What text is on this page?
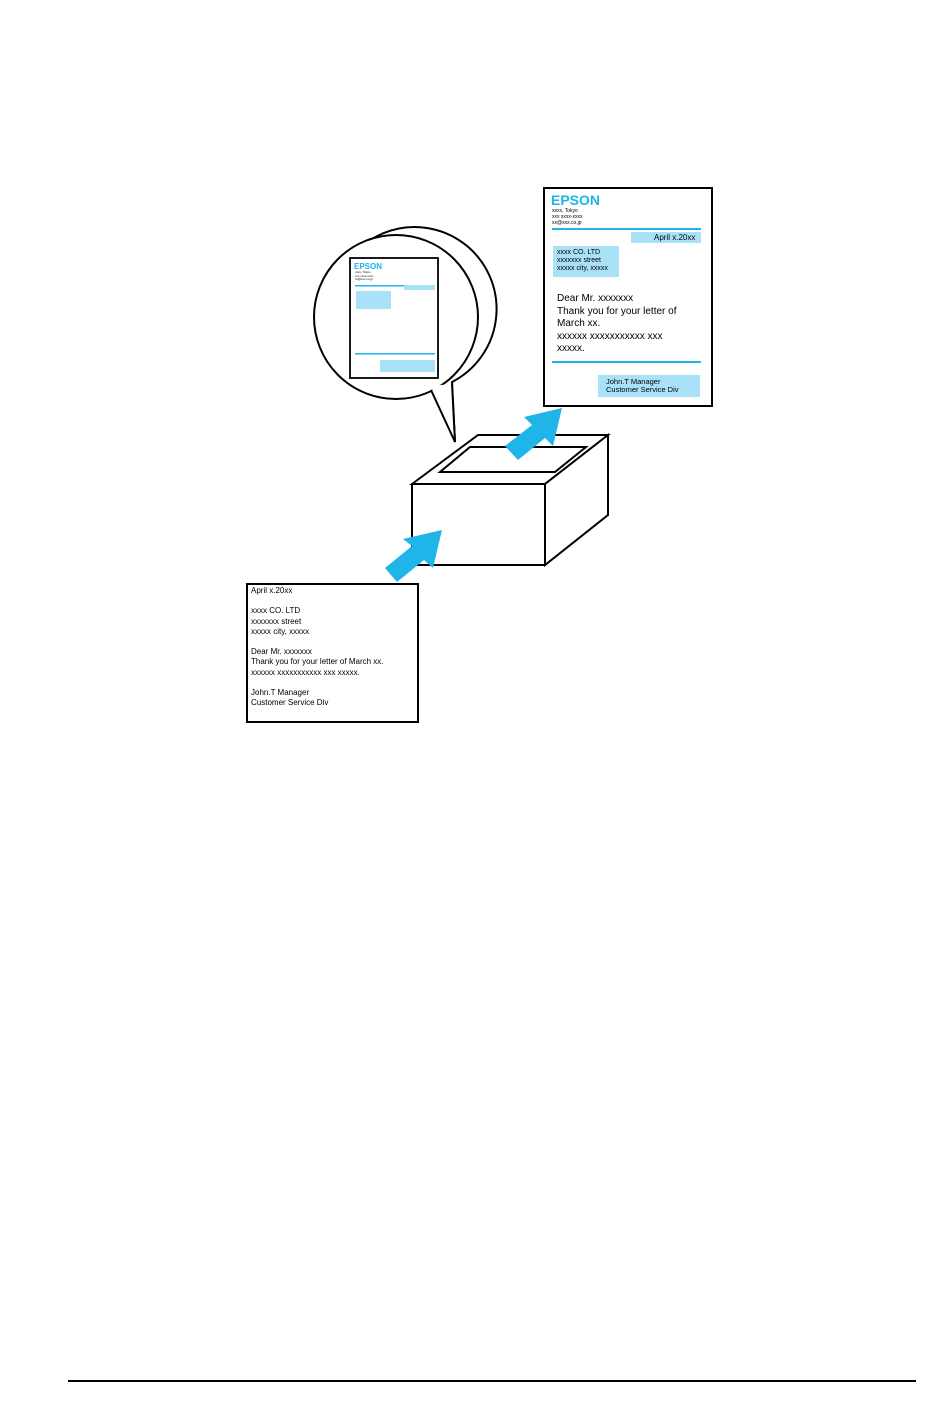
EPSON
xxxx, Tokyo
xxx xxxx-xxxx
xx@xxx.co.jp
EPSON
xxxx, Tokyo
xxx xxxx-xxxx
xx@xxx.co.jp
April x.20xx
xxxx CO. LTD
xxxxxxx street
xxxxx city, xxxxx
Dear Mr. xxxxxxx
Thank you for your letter of
March xx.
xxxxxx xxxxxxxxxxx xxx
xxxxx.
John.T Manager
Customer Service Div
April x.20xx
xxxx CO. LTD
xxxxxxx street
xxxxx city, xxxxx
Dear Mr. xxxxxxx
Thank you for your letter of March xx.
xxxxxx xxxxxxxxxxx xxx xxxxx.
John.T Manager
Customer Service Div
